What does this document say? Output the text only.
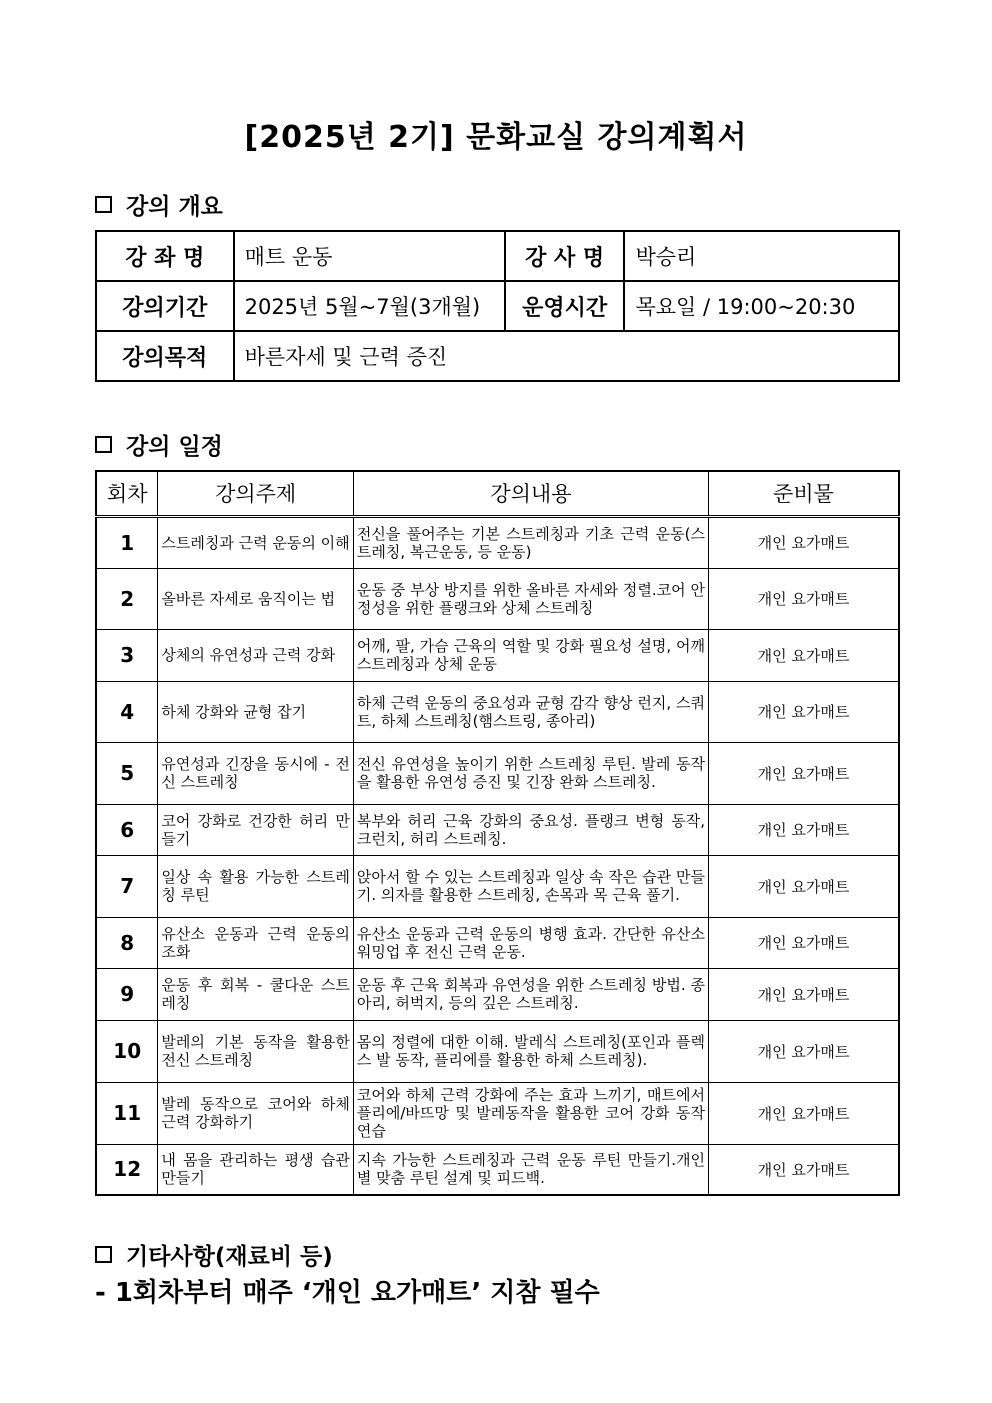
[2025년 2기] 문화교실 강의계획서
강의 개요
강 좌 명	매트 운동	강 사 명	박승리
강의기간	2025년 5월~7월(3개월)	운영시간	목요일 / 19:00~20:30
강의목적	바른자세 및 근력 증진		
강의 일정
회차	강의주제	강의내용	준비물
1	스트레칭과 근력 운동의 이해	전신을 풀어주는 기본 스트레칭과 기초 근력 운동(스트레칭, 복근운동, 등 운동)	개인 요가매트
2	올바른 자세로 움직이는 법	운동 중 부상 방지를 위한 올바른 자세와 정렬.코어 안정성을 위한 플랭크와 상체 스트레칭	개인 요가매트
3	상체의 유연성과 근력 강화	어깨, 팔, 가슴 근육의 역할 및 강화 필요성 설명, 어깨 스트레칭과 상체 운동	개인 요가매트
4	하체 강화와 균형 잡기	하체 근력 운동의 중요성과 균형 감각 향상 런지, 스쿼트, 하체 스트레칭(햄스트링, 종아리)	개인 요가매트
5	유연성과 긴장을 동시에 - 전신 스트레칭	전신 유연성을 높이기 위한 스트레칭 루틴. 발레 동작을 활용한 유연성 증진 및 긴장 완화 스트레칭.	개인 요가매트
6	코어 강화로 건강한 허리 만들기	복부와 허리 근육 강화의 중요성. 플랭크 변형 동작, 크런치, 허리 스트레칭.	개인 요가매트
7	일상 속 활용 가능한 스트레칭 루틴	앉아서 할 수 있는 스트레칭과 일상 속 작은 습관 만들기. 의자를 활용한 스트레칭, 손목과 목 근육 풀기.	개인 요가매트
8	유산소 운동과 근력 운동의 조화	유산소 운동과 근력 운동의 병행 효과. 간단한 유산소 워밍업 후 전신 근력 운동.	개인 요가매트
9	운동 후 회복 - 쿨다운 스트레칭	운동 후 근육 회복과 유연성을 위한 스트레칭 방법. 종아리, 허벅지, 등의 깊은 스트레칭.	개인 요가매트
10	발레의 기본 동작을 활용한 전신 스트레칭	몸의 정렬에 대한 이해. 발레식 스트레칭(포인과 플렉스 발 동작, 플리에를 활용한 하체 스트레칭).	개인 요가매트
11	발레 동작으로 코어와 하체 근력 강화하기	코어와 하체 근력 강화에 주는 효과 느끼기, 매트에서 플리에/바뜨망 및 발레동작을 활용한 코어 강화 동작 연습	개인 요가매트
12	내 몸을 관리하는 평생 습관 만들기	지속 가능한 스트레칭과 근력 운동 루틴 만들기.개인별 맞춤 루틴 설계 및 피드백.	개인 요가매트
기타사항(재료비 등)
- 1회차부터 매주 ‘개인 요가매트’ 지참 필수
